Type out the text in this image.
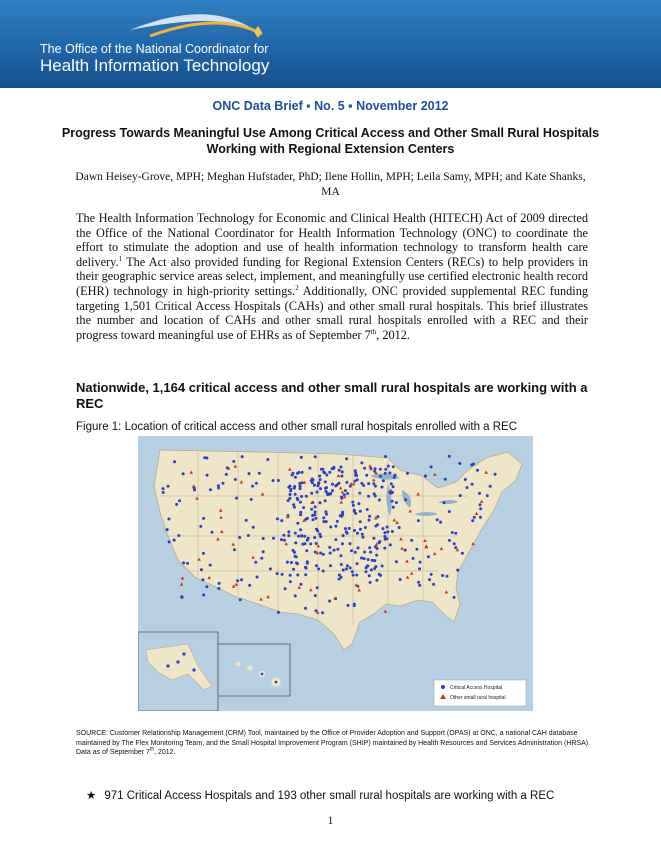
The Office of the National Coordinator for
Health Information Technology
ONC Data Brief ▪ No. 5 ▪ November 2012
Progress Towards Meaningful Use Among Critical Access and Other Small Rural Hospitals Working with Regional Extension Centers
Dawn Heisey-Grove, MPH; Meghan Hufstader, PhD; Ilene Hollin, MPH; Leila Samy, MPH; and Kate Shanks, MA
The Health Information Technology for Economic and Clinical Health (HITECH) Act of 2009 directed the Office of the National Coordinator for Health Information Technology (ONC) to coordinate the effort to stimulate the adoption and use of health information technology to transform health care delivery.$^1$ The Act also provided funding for Regional Extension Centers (RECs) to help providers in their geographic service areas select, implement, and meaningfully use certified electronic health record (EHR) technology in high-priority settings.$^2$ Additionally, ONC provided supplemental REC funding targeting 1,501 Critical Access Hospitals (CAHs) and other small rural hospitals. This brief illustrates the number and location of CAHs and other small rural hospitals enrolled with a REC and their progress toward meaningful use of EHRs as of September 7th, 2012.
Nationwide, 1,164 critical access and other small rural hospitals are working with a REC
Figure 1: Location of critical access and other small rural hospitals enrolled with a REC
Critical Access Hospital
Other small rural hospital
SOURCE: Customer Relationship Management (CRM) Tool, maintained by the Office of Provider Adoption and Support (OPAS) at ONC, a national CAH database maintained by The Flex Monitoring Team, and the Small Hospital Improvement Program (SHIP) maintained by Health Resources and Services Administration (HRSA). Data as of September 7th, 2012.
★ 971 Critical Access Hospitals and 193 other small rural hospitals are working with a REC
1
